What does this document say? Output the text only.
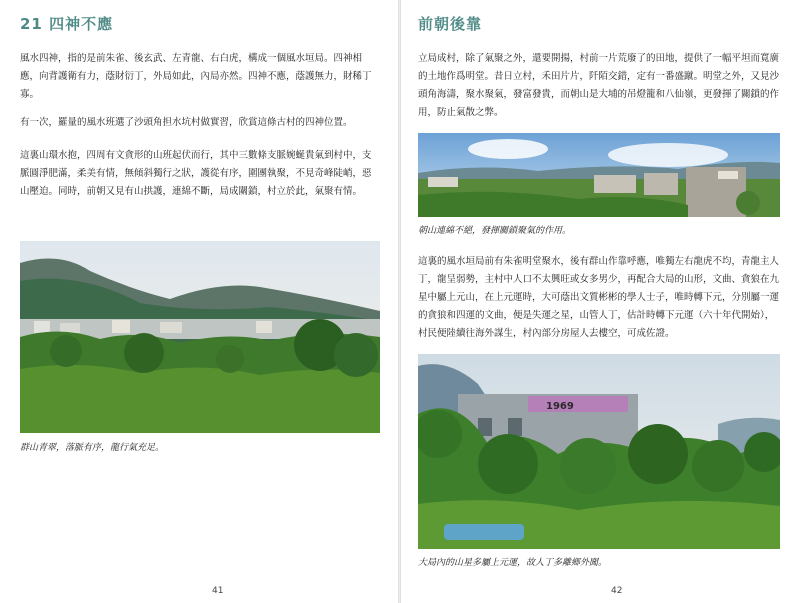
21 四神不應

風水四神，指的是前朱雀、後玄武、左青龍、右白虎，構成一個風水垣局。四神相應，向背護衛有力，蔭財衍丁，外局如此，內局亦然。四神不應，蔭護無力，財稀丁寡。

有一次，羅量的風水班選了沙頭角担水坑村做實習，欣賞這條古村的四神位置。

這裏山環水抱，四周有文貪形的山班起伏而行，其中三數條支脈婉蜒貴氣到村中，支脈圓淨肥滿，柔美有情，無傾斜獨行之狀，護從有序，圍團執聚，不見奇峰陡峭，惡山壓迫。同時，前朝又見有山拱護，連綿不斷，局成關鎖，村立於此，氣聚有情。

群山青翠，落脈有序，龍行氣充足。

41
前朝後靠

立局成村，除了氣聚之外，還要開揚，村前一片荒廢了的田地，提供了一幅平坦而寬廣的土地作爲明堂。昔日立村，禾田片片，阡陌交錯，定有一番盛蹴。明堂之外，又見沙頭角海濤，聚水聚氣，發富發貴，而朝山是大埔的吊燈籠和八仙嶺，更發揮了關鎖的作用，防止氣散之弊。

朝山連綿不絕，發揮關鎖聚氣的作用。

這裏的風水垣局前有朱雀明堂聚水，後有群山作靠呼應，唯獨左右龍虎不均，青龍主人丁，龍呈弱勢，主村中人口不太興旺或女多男少，再配合大局的山形，文曲、貪狼在九星中屬上元山，在上元運時，大可蔭出文質彬彬的學人士子，唯時轉下元，分別屬一運的貪狼和四運的文曲，便是失運之星，山管人丁，估計時轉下元運（六十年代開始），村民便陸續往海外謀生，村內部分房屋人去樓空，可成佐證。

1969

大局內的山星多屬上元運，故人丁多離鄉外闖。

42
